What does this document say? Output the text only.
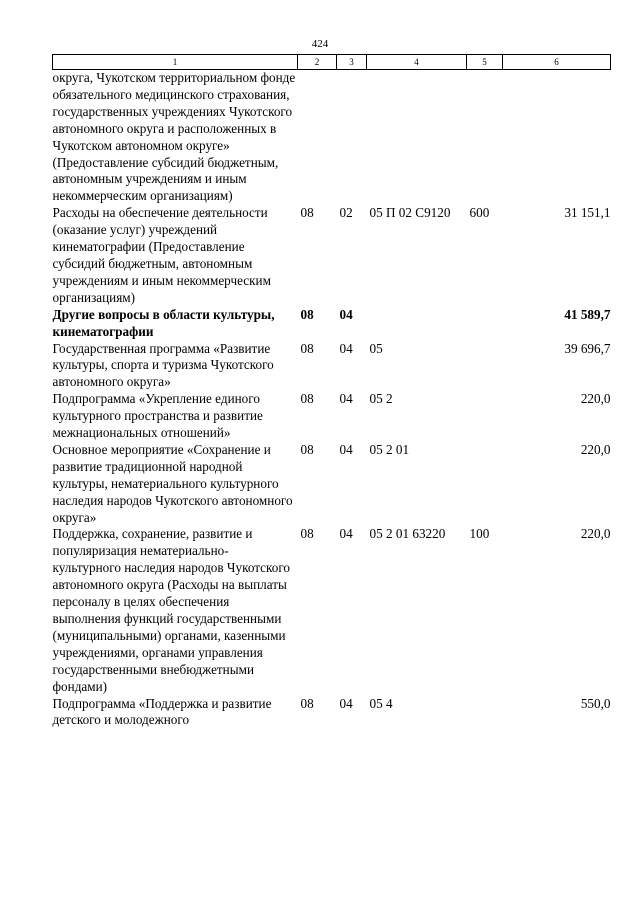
424
1	2	3	4	5	6
округа, Чукотском территориальном фонде обязательного медицинского страхования, государственных учреждениях Чукотского автономного округа и расположенных в Чукотском автономном округе» (Предоставление субсидий бюджетным, автономным учреждениям и иным некоммерческим организациям)					
Расходы на обеспечение деятельности (оказание услуг) учреждений кинематографии (Предоставление субсидий бюджетным, автономным учреждениям и иным некоммерческим организациям)	08	02	05 П 02 С9120	600	31 151,1
Другие вопросы в области культуры, кинематографии	08	04			41 589,7
Государственная программа «Развитие культуры, спорта и туризма Чукотского автономного округа»	08	04	05		39 696,7
Подпрограмма «Укрепление единого культурного пространства и развитие межнациональных отношений»	08	04	05 2		220,0
Основное мероприятие «Сохранение и развитие традиционной народной культуры, нематериального культурного наследия народов Чукотского автономного округа»	08	04	05 2 01		220,0
Поддержка, сохранение, развитие и популяризация нематериально-культурного наследия народов Чукотского автономного округа (Расходы на выплаты персоналу в целях обеспечения выполнения функций государственными (муниципальными) органами, казенными учреждениями, органами управления государственными внебюджетными фондами)	08	04	05 2 01 63220	100	220,0
Подпрограмма «Поддержка и развитие детского и молодежного	08	04	05 4		550,0
